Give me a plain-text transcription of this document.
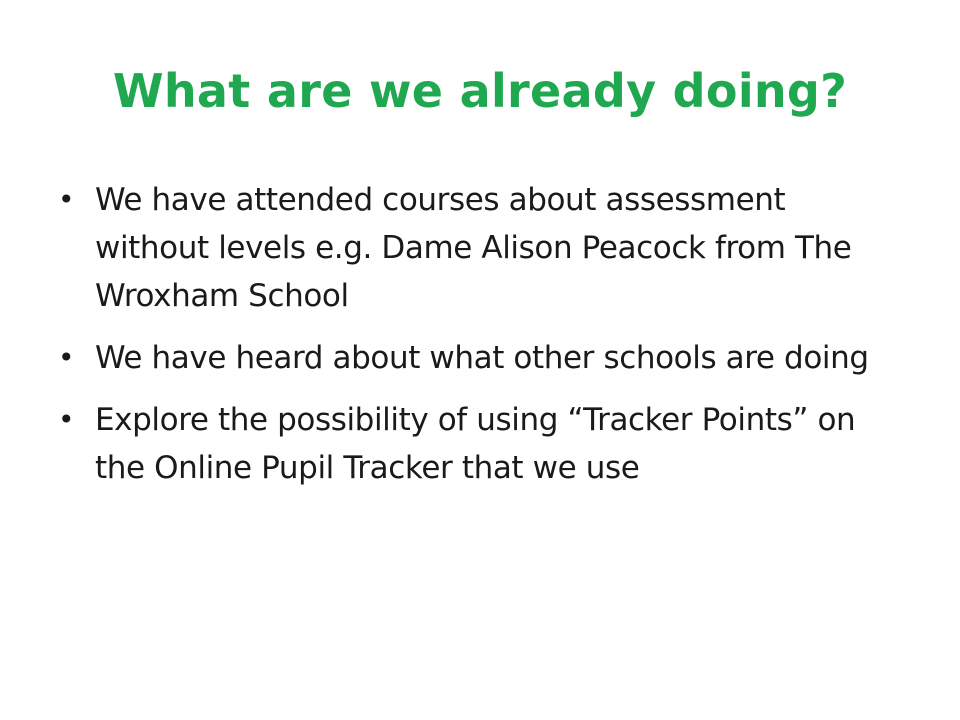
What are we already doing?
• We have attended courses about assessment without levels e.g. Dame Alison Peacock from The Wroxham School
• We have heard about what other schools are doing
• Explore the possibility of using “Tracker Points” on the Online Pupil Tracker that we use
